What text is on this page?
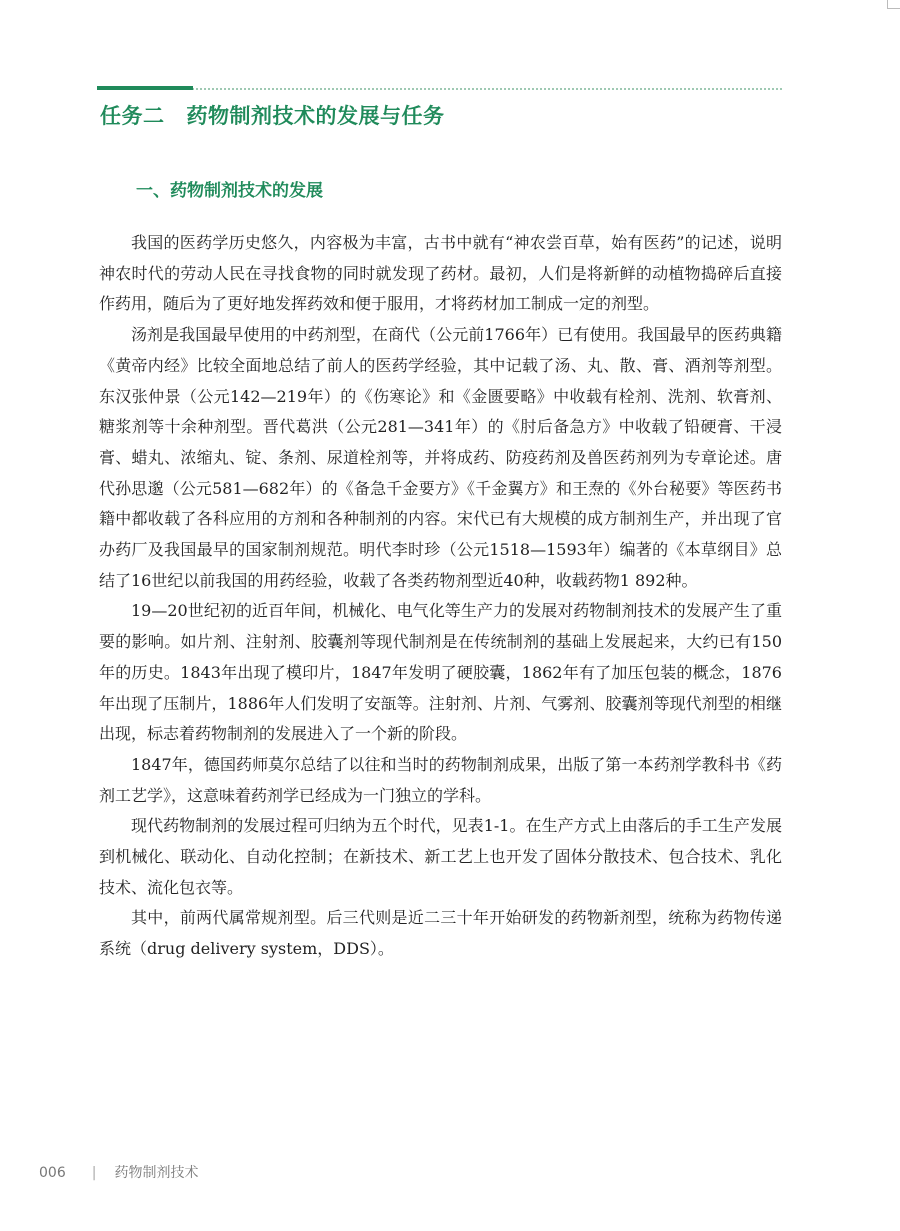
任务二 药物制剂技术的发展与任务
一、药物制剂技术的发展

我国的医药学历史悠久，内容极为丰富，古书中就有“神农尝百草，始有医药”的记述，说明神农时代的劳动人民在寻找食物的同时就发现了药材。最初，人们是将新鲜的动植物捣碎后直接作药用，随后为了更好地发挥药效和便于服用，才将药材加工制成一定的剂型。

汤剂是我国最早使用的中药剂型，在商代（公元前1766年）已有使用。我国最早的医药典籍《黄帝内经》比较全面地总结了前人的医药学经验，其中记载了汤、丸、散、膏、酒剂等剂型。东汉张仲景（公元142—219年）的《伤寒论》和《金匮要略》中收载有栓剂、洗剂、软膏剂、糖浆剂等十余种剂型。晋代葛洪（公元281—341年）的《肘后备急方》中收载了铅硬膏、干浸膏、蜡丸、浓缩丸、锭、条剂、尿道栓剂等，并将成药、防疫药剂及兽医药剂列为专章论述。唐代孙思邈（公元581—682年）的《备急千金要方》《千金翼方》和王焘的《外台秘要》等医药书籍中都收载了各科应用的方剂和各种制剂的内容。宋代已有大规模的成方制剂生产，并出现了官办药厂及我国最早的国家制剂规范。明代李时珍（公元1518—1593年）编著的《本草纲目》总结了16世纪以前我国的用药经验，收载了各类药物剂型近40种，收载药物1 892种。

19—20世纪初的近百年间，机械化、电气化等生产力的发展对药物制剂技术的发展产生了重要的影响。如片剂、注射剂、胶囊剂等现代制剂是在传统制剂的基础上发展起来，大约已有150年的历史。1843年出现了模印片，1847年发明了硬胶囊，1862年有了加压包装的概念，1876年出现了压制片，1886年人们发明了安瓿等。注射剂、片剂、气雾剂、胶囊剂等现代剂型的相继出现，标志着药物制剂的发展进入了一个新的阶段。

1847年，德国药师莫尔总结了以往和当时的药物制剂成果，出版了第一本药剂学教科书《药剂工艺学》，这意味着药剂学已经成为一门独立的学科。

现代药物制剂的发展过程可归纳为五个时代，见表1-1。在生产方式上由落后的手工生产发展到机械化、联动化、自动化控制；在新技术、新工艺上也开发了固体分散技术、包合技术、乳化技术、流化包衣等。

其中，前两代属常规剂型。后三代则是近二三十年开始研发的药物新剂型，统称为药物传递系统（drug delivery system，DDS）。

006 | 药物制剂技术
